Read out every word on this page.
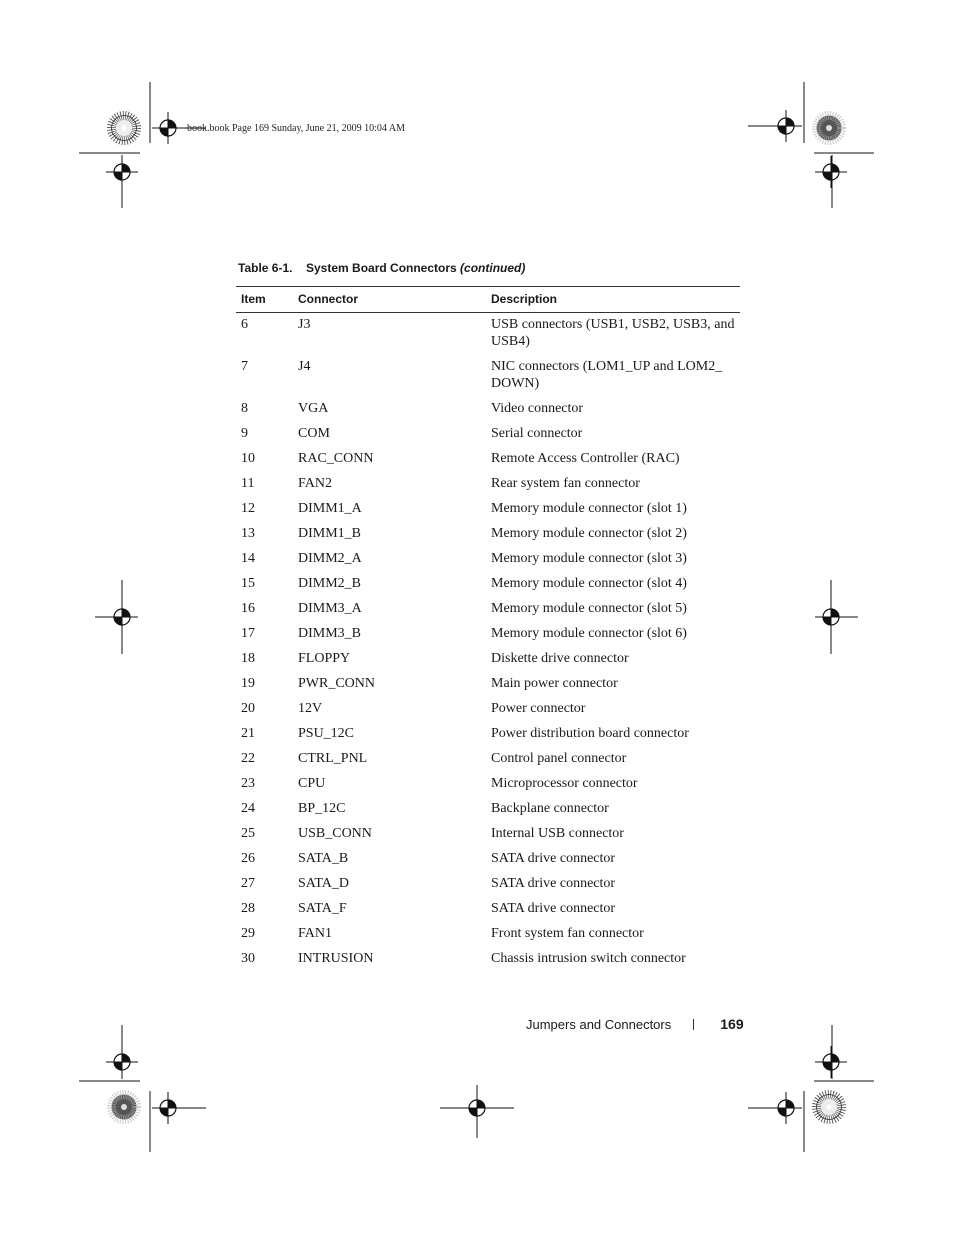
book.book Page 169 Sunday, June 21, 2009 10:04 AM
Table 6-1. System Board Connectors (continued)
Item	Connector	Description
6	J3	USB connectors (USB1, USB2, USB3, and USB4)
7	J4	NIC connectors (LOM1_UP and LOM2_ DOWN)
8	VGA	Video connector
9	COM	Serial connector
10	RAC_CONN	Remote Access Controller (RAC)
11	FAN2	Rear system fan connector
12	DIMM1_A	Memory module connector (slot 1)
13	DIMM1_B	Memory module connector (slot 2)
14	DIMM2_A	Memory module connector (slot 3)
15	DIMM2_B	Memory module connector (slot 4)
16	DIMM3_A	Memory module connector (slot 5)
17	DIMM3_B	Memory module connector (slot 6)
18	FLOPPY	Diskette drive connector
19	PWR_CONN	Main power connector
20	12V	Power connector
21	PSU_12C	Power distribution board connector
22	CTRL_PNL	Control panel connector
23	CPU	Microprocessor connector
24	BP_12C	Backplane connector
25	USB_CONN	Internal USB connector
26	SATA_B	SATA drive connector
27	SATA_D	SATA drive connector
28	SATA_F	SATA drive connector
29	FAN1	Front system fan connector
30	INTRUSION	Chassis intrusion switch connector
Jumpers and Connectors	169
